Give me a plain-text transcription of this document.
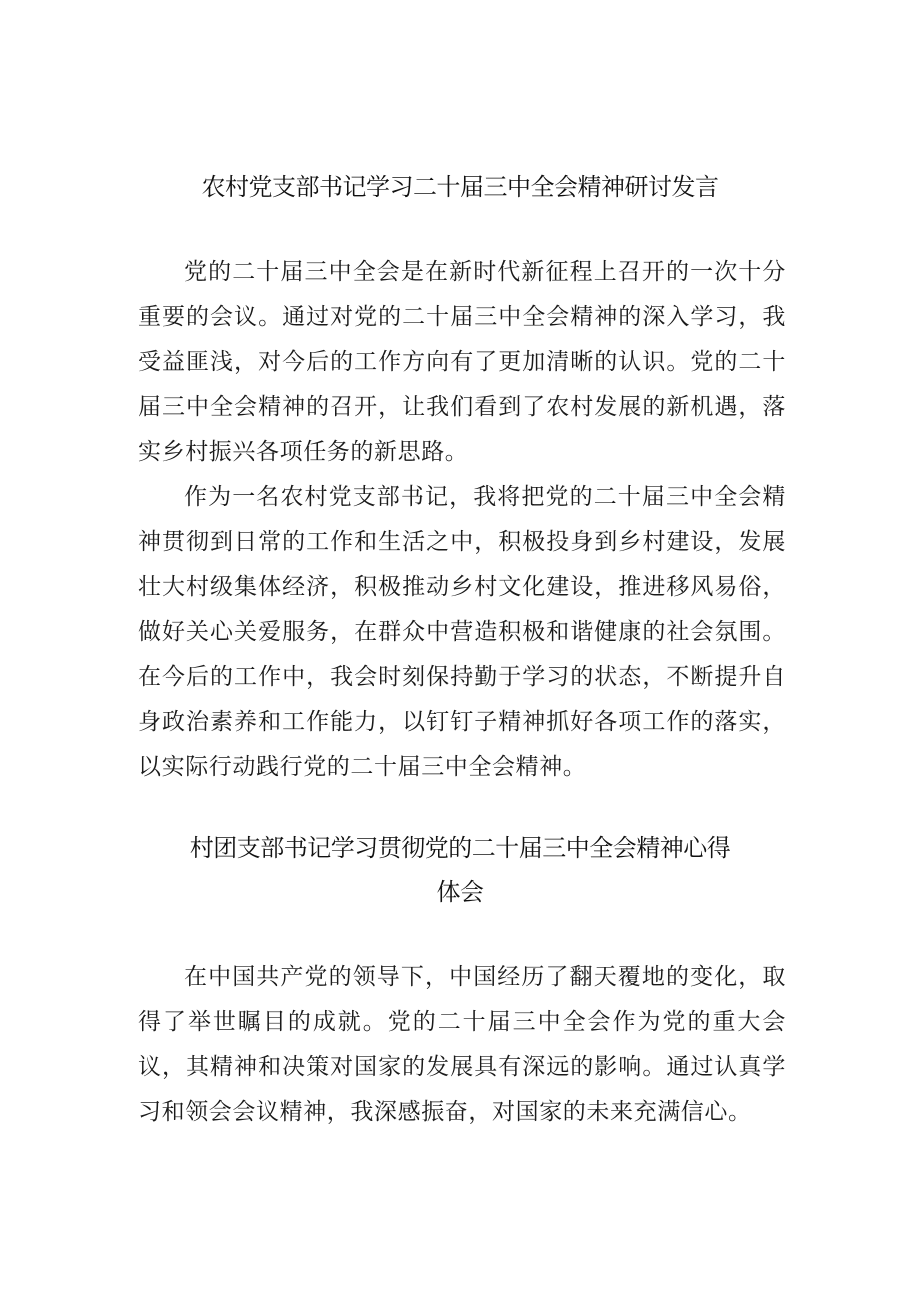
农村党支部书记学习二十届三中全会精神研讨发言

党的二十届三中全会是在新时代新征程上召开的一次十分重要的会议。通过对党的二十届三中全会精神的深入学习，我受益匪浅，对今后的工作方向有了更加清晰的认识。党的二十届三中全会精神的召开，让我们看到了农村发展的新机遇，落实乡村振兴各项任务的新思路。

作为一名农村党支部书记，我将把党的二十届三中全会精神贯彻到日常的工作和生活之中，积极投身到乡村建设，发展壮大村级集体经济，积极推动乡村文化建设，推进移风易俗，做好关心关爱服务，在群众中营造积极和谐健康的社会氛围。在今后的工作中，我会时刻保持勤于学习的状态，不断提升自身政治素养和工作能力，以钉钉子精神抓好各项工作的落实，以实际行动践行党的二十届三中全会精神。

村团支部书记学习贯彻党的二十届三中全会精神心得
体会

在中国共产党的领导下，中国经历了翻天覆地的变化，取得了举世瞩目的成就。党的二十届三中全会作为党的重大会议，其精神和决策对国家的发展具有深远的影响。通过认真学习和领会会议精神，我深感振奋，对国家的未来充满信心。
